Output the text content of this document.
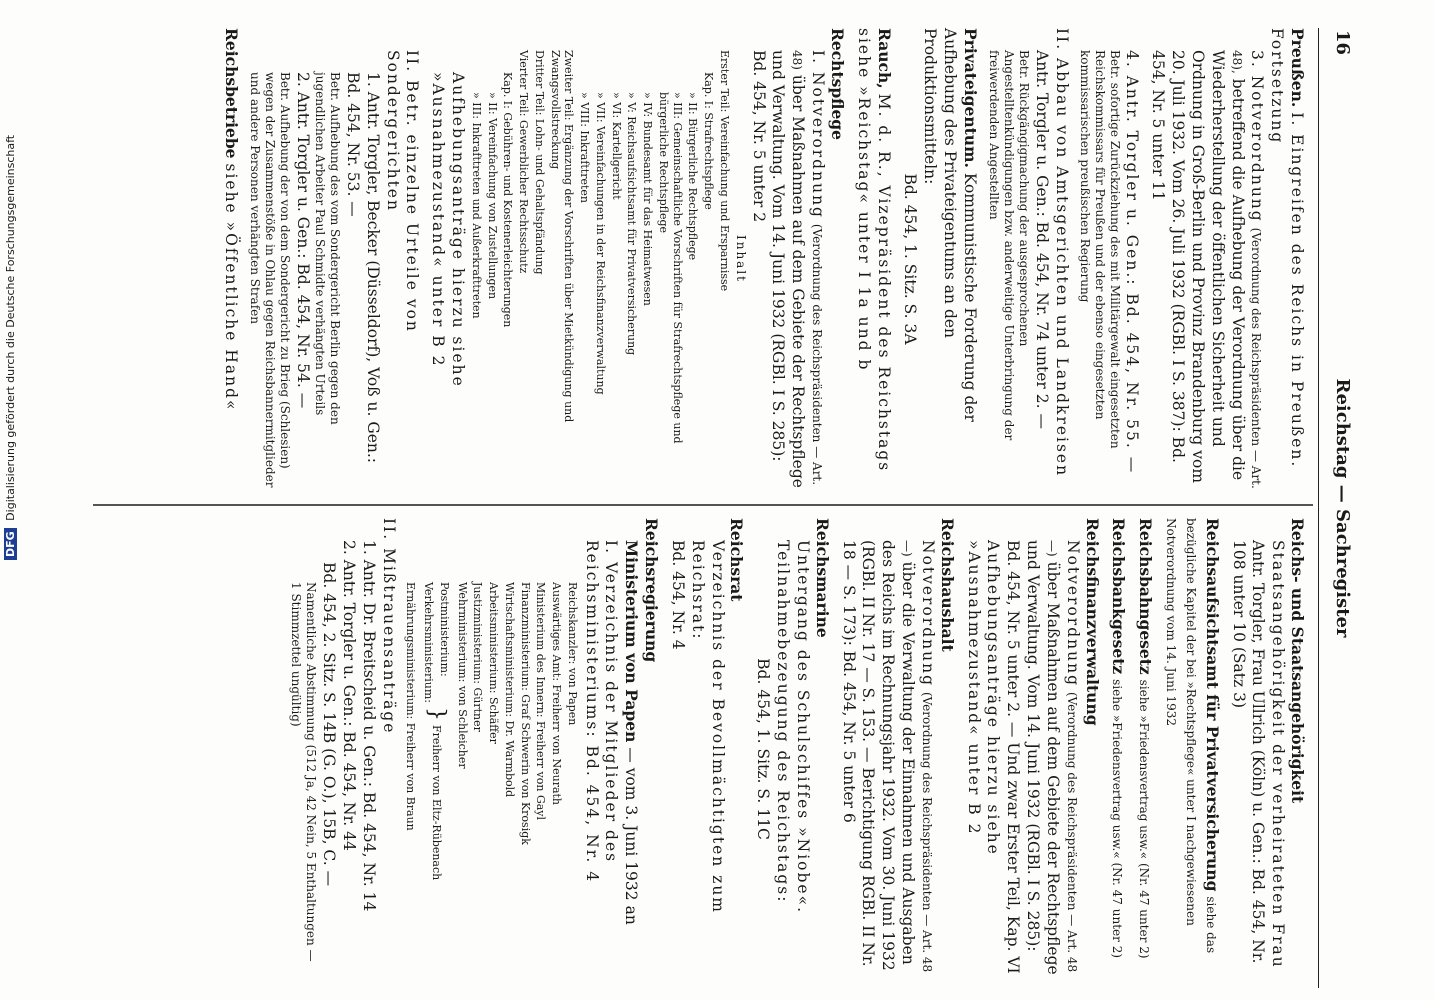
16
Reichstag — Sachregister
Preußen. I. Eingreifen des Reichs in Preußen. Fortsetzung
3. Notverordnung (Verordnung des Reichspräsidenten — Art. 48), betreffend die Aufhebung der Verordnung über die Wiederherstellung der öffentlichen Sicherheit und Ordnung in Groß-Berlin und Provinz Brandenburg vom 20. Juli 1932. Vom 26. Juli 1932 (RGBl. I S. 387): Bd. 454, Nr. 5 unter 11
4. Antr. Torgler u. Gen.: Bd. 454, Nr. 55. —
Betr. sofortige Zurückziehung des mit Militärgewalt eingesetzten Reichskommissars für Preußen und der ebenso eingesetzten kommissarischen preußischen Regierung
II. Abbau von Amtsgerichten und Landkreisen
Antr. Torgler u. Gen.: Bd. 454, Nr. 74 unter 2. —
Betr. Rückgängigmachung der ausgesprochenen Angestelltenkündigungen bzw. anderweitige Unterbringung der freiwerdenden Angestellten
Privateigentum. Kommunistische Forderung der Aufhebung des Privateigentums an den Produktionsmitteln:
Bd. 454, 1. Sitz. S. 3A
Rauch, M. d. R., Vizepräsident des Reichstags siehe »Reichstag« unter I 1a und b
Rechtspflege
I. Notverordnung (Verordnung des Reichspräsidenten — Art. 48) über Maßnahmen auf dem Gebiete der Rechtspflege und Verwaltung. Vom 14. Juni 1932 (RGBl. I S. 285): Bd. 454, Nr. 5 unter 2
Inhalt
Erster Teil: Vereinfachung und Ersparnisse
Kap. I: Strafrechtspflege
» II: Bürgerliche Rechtspflege
» III: Gemeinschaftliche Vorschriften für Strafrechtspflege und bürgerliche Rechtspflege
» IV: Bundesamt für das Heimatwesen
» V: Reichsaufsichtsamt für Privatversicherung
» VI: Kartellgericht
» VII: Vereinfachungen in der Reichsfinanzverwaltung
» VIII: Inkrafttreten
Zweiter Teil: Ergänzung der Vorschriften über Mietkündigung und Zwangsvollstreckung
Dritter Teil: Lohn- und Gehaltspfändung
Vierter Teil: Gewerblicher Rechtsschutz
Kap. I: Gebühren- und Kostenerleichterungen
» II: Vereinfachung von Zustellungen
» III: Inkrafttreten und Außerkrafttreten
Aufhebungsanträge hierzu siehe »Ausnahmezustand« unter B 2
II. Betr. einzelne Urteile von Sondergerichten
1. Antr. Torgler, Becker (Düsseldorf), Voß u. Gen.: Bd. 454, Nr. 53. —
Betr. Aufhebung des vom Sondergericht Berlin gegen den jugendlichen Arbeiter Paul Schmidte verhängten Urteils
2. Antr. Torgler u. Gen.: Bd. 454, Nr. 54. —
Betr. Aufhebung der von dem Sondergericht zu Brieg (Schlesien) wegen der Zusammenstöße in Ohlau gegen Reichsbannermitglieder und andere Personen verhängten Strafen
Reichsbetriebe siehe »Öffentliche Hand«
Reichs- und Staatsangehörigkeit
Staatsangehörigkeit der verheirateten Frau
Antr. Torgler, Frau Ullrich (Köln) u. Gen.: Bd. 454, Nr. 108 unter 10 (Satz 3)
Reichsaufsichtsamt für Privatversicherung siehe das bezügliche Kapitel der bei »Rechtspflege« unter I nachgewiesenen Notverordnung vom 14. Juni 1932
Reichsbahngesetz siehe »Friedensvertrag usw.« (Nr. 47 unter 2)
Reichsbankgesetz siehe »Friedensvertrag usw.« (Nr. 47 unter 2)
Reichsfinanzverwaltung
Notverordnung (Verordnung des Reichspräsidenten — Art. 48 —) über Maßnahmen auf dem Gebiete der Rechtspflege und Verwaltung. Vom 14. Juni 1932 (RGBl. I S. 285): Bd. 454, Nr. 5 unter 2. — Und zwar Erster Teil, Kap. VI
Aufhebungsanträge hierzu siehe »Ausnahmezustand« unter B 2
Reichshaushalt
Notverordnung (Verordnung des Reichspräsidenten — Art. 48 —) über die Verwaltung der Einnahmen und Ausgaben des Reichs im Rechnungsjahr 1932. Vom 30. Juni 1932 (RGBl. II Nr. 17 — S. 153. — Berichtigung RGBl. II Nr. 18 — S. 173): Bd. 454, Nr. 5 unter 6
Reichsmarine
Untergang des Schulschiffes »Niobe«. Teilnahmebezeugung des Reichstags:
Bd. 454, 1. Sitz. S. 11C
Reichsrat
Verzeichnis der Bevollmächtigten zum Reichsrat:
Bd. 454, Nr. 4
Reichsregierung
Ministerium von Papen — vom 3. Juni 1932 an
I. Verzeichnis der Mitglieder des Reichsministeriums: Bd. 454, Nr. 4
Reichskanzler: von Papen
Auswärtiges Amt: Freiherr von Neurath
Ministerium des Innern: Freiherr von Gayl
Finanzministerium: Graf Schwerin von Krosigk
Wirtschaftsministerium: Dr. Warmbold
Arbeitsministerium: Schäffer
Justizministerium: Gürtner
Wehrministerium: von Schleicher
Postministerium:
Verkehrsministerium:
}
Freiherr von Eltz-Rübenach
Ernährungsministerium: Freiherr von Braun
II. Mißtrauensanträge
1. Antr. Dr. Breitscheid u. Gen.: Bd. 454, Nr. 14
2. Antr. Torgler u. Gen.: Bd. 454, Nr. 44
Bd. 454, 2. Sitz. S. 14B (G. O.), 15B, C. —
Namentliche Abstimmung (512 Ja, 42 Nein, 5 Enthaltungen —
1 Stimmzettel ungültig)
DFG Digitalisierung gefördert durch die Deutsche Forschungsgemeinschaft
